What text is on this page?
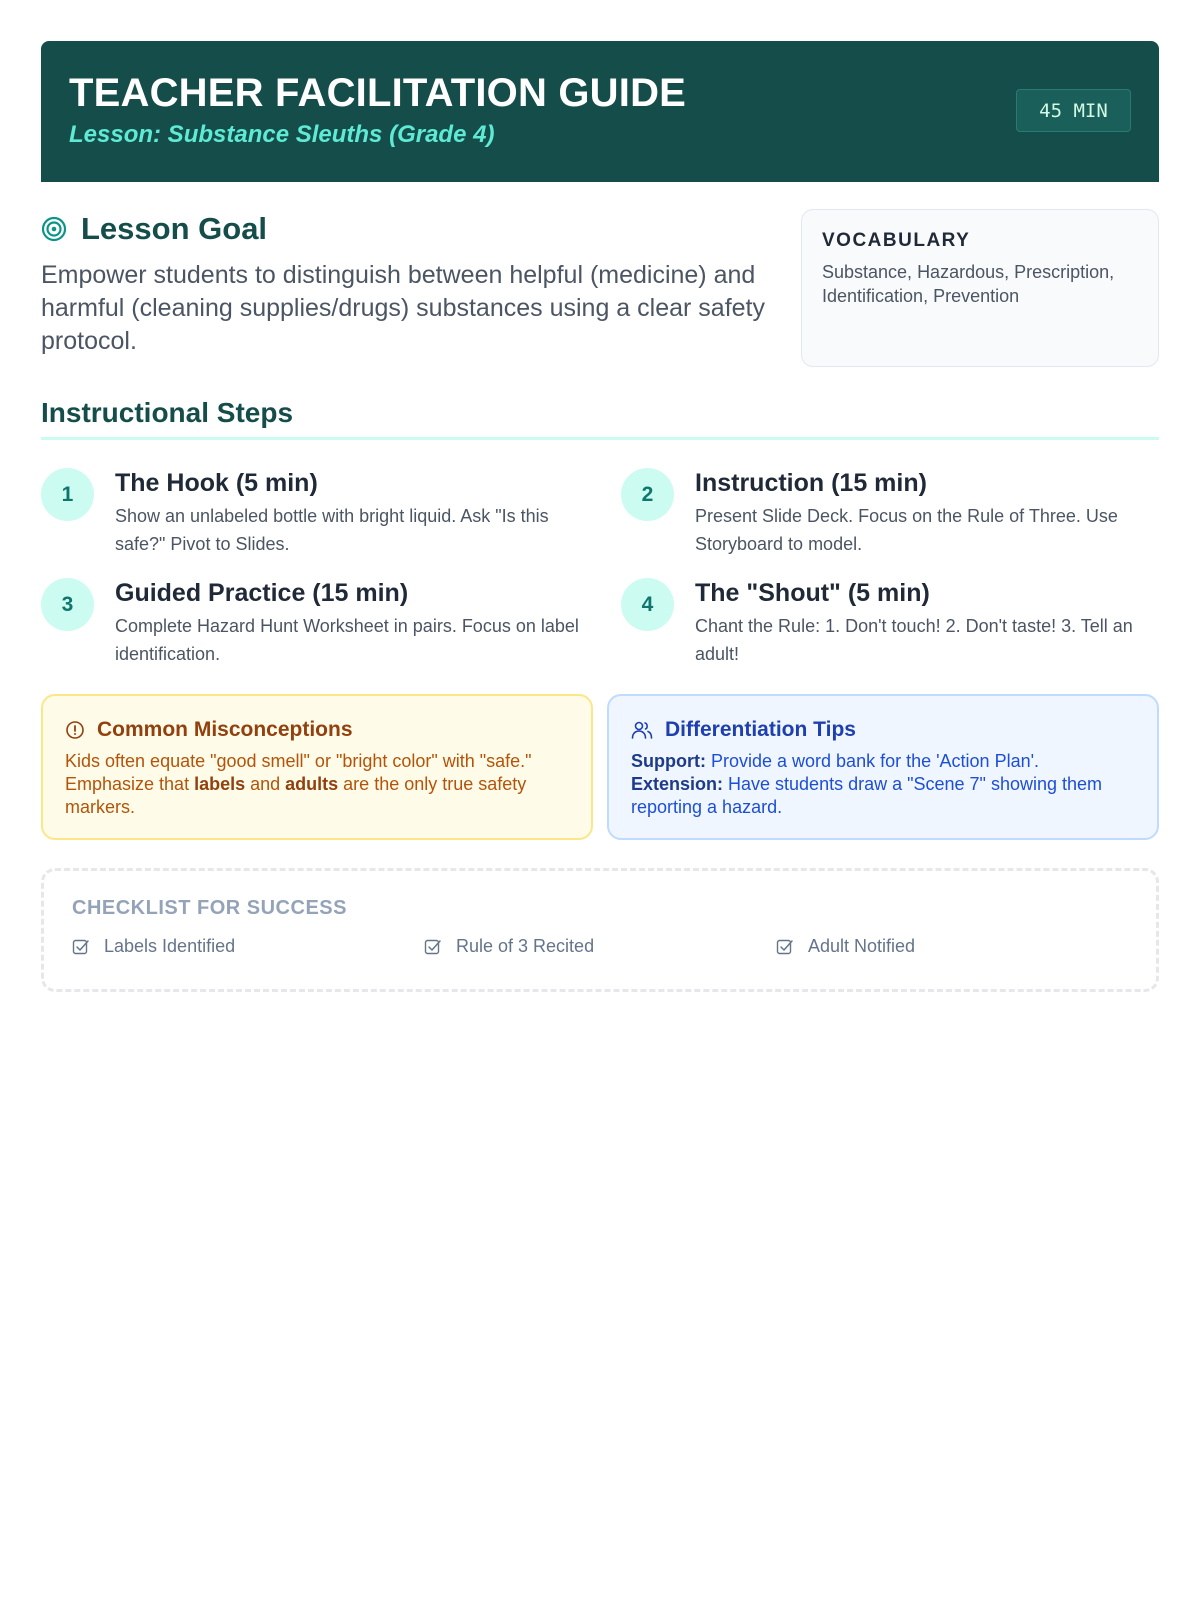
TEACHER FACILITATION GUIDE
Lesson: Substance Sleuths (Grade 4)
45 MIN
Lesson Goal

Empower students to distinguish between helpful (medicine) and harmful (cleaning supplies/drugs) substances using a clear safety protocol.

VOCABULARY
Substance, Hazardous, Prescription, Identification, Prevention
Instructional Steps
1	The Hook (5 min)
Show an unlabeled bottle with bright liquid. Ask "Is this safe?" Pivot to Slides.
2	Instruction (15 min)
Present Slide Deck. Focus on the Rule of Three. Use Storyboard to model.
3	Guided Practice (15 min)
Complete Hazard Hunt Worksheet in pairs. Focus on label identification.
4	The "Shout" (5 min)
Chant the Rule: 1. Don't touch! 2. Don't taste! 3. Tell an adult!
Common Misconceptions
Kids often equate "good smell" or "bright color" with "safe." Emphasize that labels and adults are the only true safety markers.
Differentiation Tips
Support: Provide a word bank for the 'Action Plan'.
Extension: Have students draw a "Scene 7" showing them reporting a hazard.
CHECKLIST FOR SUCCESS
Labels Identified	Rule of 3 Recited	Adult Notified
